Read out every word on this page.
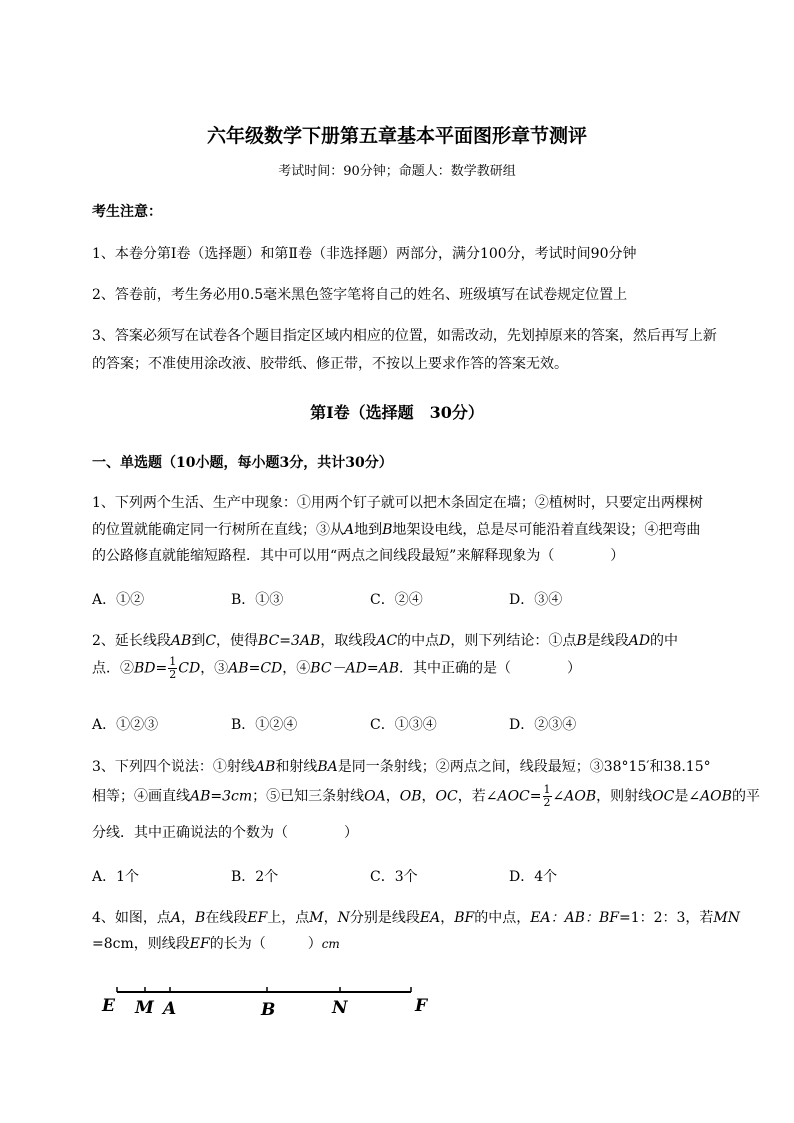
六年级数学下册第五章基本平面图形章节测评
考试时间：90分钟；命题人：数学教研组
考生注意：
1、本卷分第Ⅰ卷（选择题）和第Ⅱ卷（非选择题）两部分，满分100分，考试时间90分钟
2、答卷前，考生务必用0.5毫米黑色签字笔将自己的姓名、班级填写在试卷规定位置上
3、答案必须写在试卷各个题目指定区域内相应的位置，如需改动，先划掉原来的答案，然后再写上新
的答案；不准使用涂改液、胶带纸、修正带，不按以上要求作答的答案无效。
第Ⅰ卷（选择题　30分）
一、单选题（10小题，每小题3分，共计30分）
1、下列两个生活、生产中现象：①用两个钉子就可以把木条固定在墙；②植树时，只要定出两棵树
的位置就能确定同一行树所在直线；③从A地到B地架设电线，总是尽可能沿着直线架设；④把弯曲
的公路修直就能缩短路程．其中可以用“两点之间线段最短”来解释现象为（　　　　）
A．①②	B．①③	C．②④	D．③④
2、延长线段AB到C，使得BC=3AB，取线段AC的中点D，则下列结论：①点B是线段AD的中
点．②BD= $\frac{1}{2}$ CD，③AB=CD，④BC－AD=AB．其中正确的是（　　　　）
A．①②③	B．①②④	C．①③④	D．②③④
3、下列四个说法：①射线AB和射线BA是同一条射线；②两点之间，线段最短；③38°15′和38.15°
相等；④画直线AB=3cm；⑤已知三条射线OA，OB，OC，若∠AOC= $\frac{1}{2}$ ∠AOB，则射线OC是∠AOB的平
分线．其中正确说法的个数为（　　　　）
A．1个	B．2个	C．3个	D．4个
4、如图，点A，B在线段EF上，点M，N分别是线段EA，BF的中点，EA：AB：BF=1：2：3，若MN
=8cm，则线段EF的长为（　　　）cm
E M A	B	N	F
